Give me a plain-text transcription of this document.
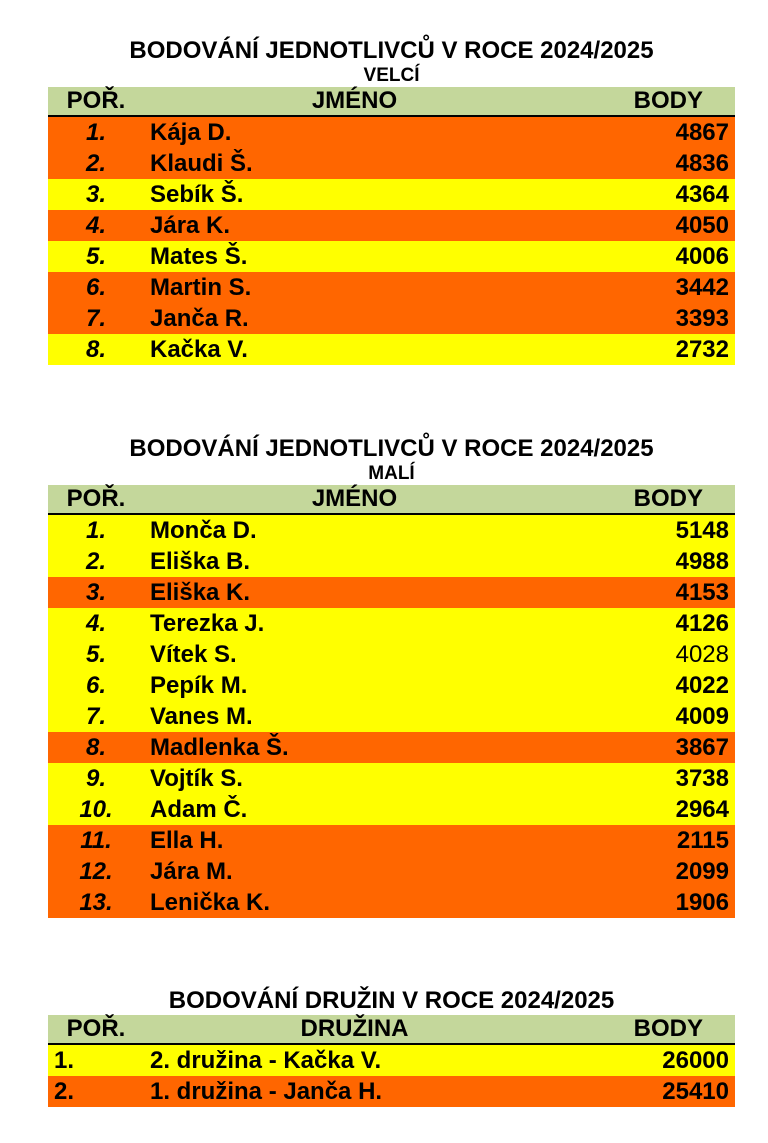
BODOVÁNÍ JEDNOTLIVCŮ V ROCE 2024/2025
VELCÍ
POŘ.	JMÉNO	BODY
1.	Kája D.	4867
2.	Klaudi Š.	4836
3.	Sebík Š.	4364
4.	Jára K.	4050
5.	Mates Š.	4006
6.	Martin S.	3442
7.	Janča R.	3393
8.	Kačka V.	2732
BODOVÁNÍ JEDNOTLIVCŮ V ROCE 2024/2025
MALÍ
POŘ.	JMÉNO	BODY
1.	Monča D.	5148
2.	Eliška B.	4988
3.	Eliška K.	4153
4.	Terezka J.	4126
5.	Vítek S.	4028
6.	Pepík M.	4022
7.	Vanes M.	4009
8.	Madlenka Š.	3867
9.	Vojtík S.	3738
10.	Adam Č.	2964
11.	Ella H.	2115
12.	Jára M.	2099
13.	Lenička K.	1906
BODOVÁNÍ DRUŽIN V ROCE 2024/2025
POŘ.	DRUŽINA	BODY
1.	2. družina - Kačka V.	26000
2.	1. družina - Janča H.	25410
